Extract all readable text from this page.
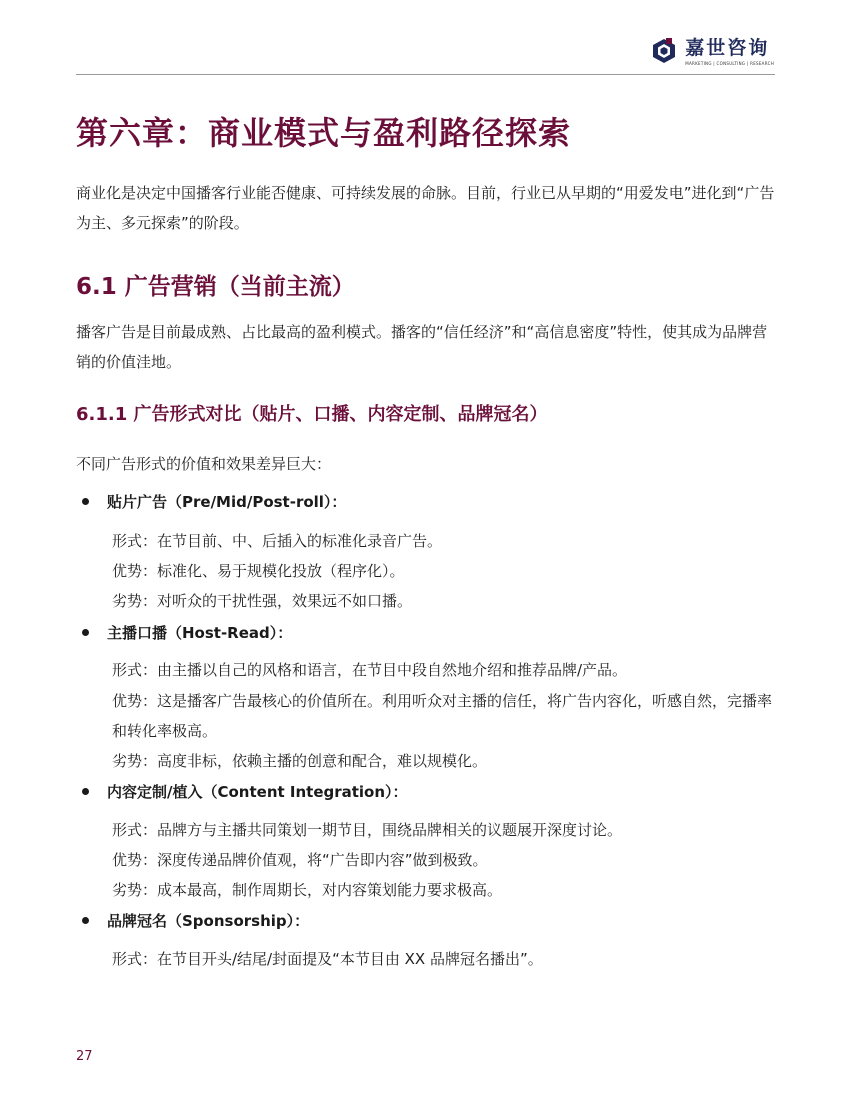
嘉世咨询
MARKETING | CONSULTING | RESEARCH
第六章：商业模式与盈利路径探索
商业化是决定中国播客行业能否健康、可持续发展的命脉。目前，行业已从早期的“用爱发电”进化到“广告为主、多元探索”的阶段。
6.1 广告营销（当前主流）
播客广告是目前最成熟、占比最高的盈利模式。播客的“信任经济”和“高信息密度”特性，使其成为品牌营销的价值洼地。
6.1.1 广告形式对比（贴片、口播、内容定制、品牌冠名）
不同广告形式的价值和效果差异巨大：
贴片广告（Pre/Mid/Post-roll）：
形式：在节目前、中、后插入的标准化录音广告。
优势：标准化、易于规模化投放（程序化）。
劣势：对听众的干扰性强，效果远不如口播。
主播口播（Host-Read）：
形式：由主播以自己的风格和语言，在节目中段自然地介绍和推荐品牌/产品。
优势：这是播客广告最核心的价值所在。利用听众对主播的信任，将广告内容化，听感自然，完播率和转化率极高。
劣势：高度非标，依赖主播的创意和配合，难以规模化。
内容定制/植入（Content Integration）：
形式：品牌方与主播共同策划一期节目，围绕品牌相关的议题展开深度讨论。
优势：深度传递品牌价值观，将“广告即内容”做到极致。
劣势：成本最高，制作周期长，对内容策划能力要求极高。
品牌冠名（Sponsorship）：
形式：在节目开头/结尾/封面提及“本节目由 XX 品牌冠名播出”。
27
